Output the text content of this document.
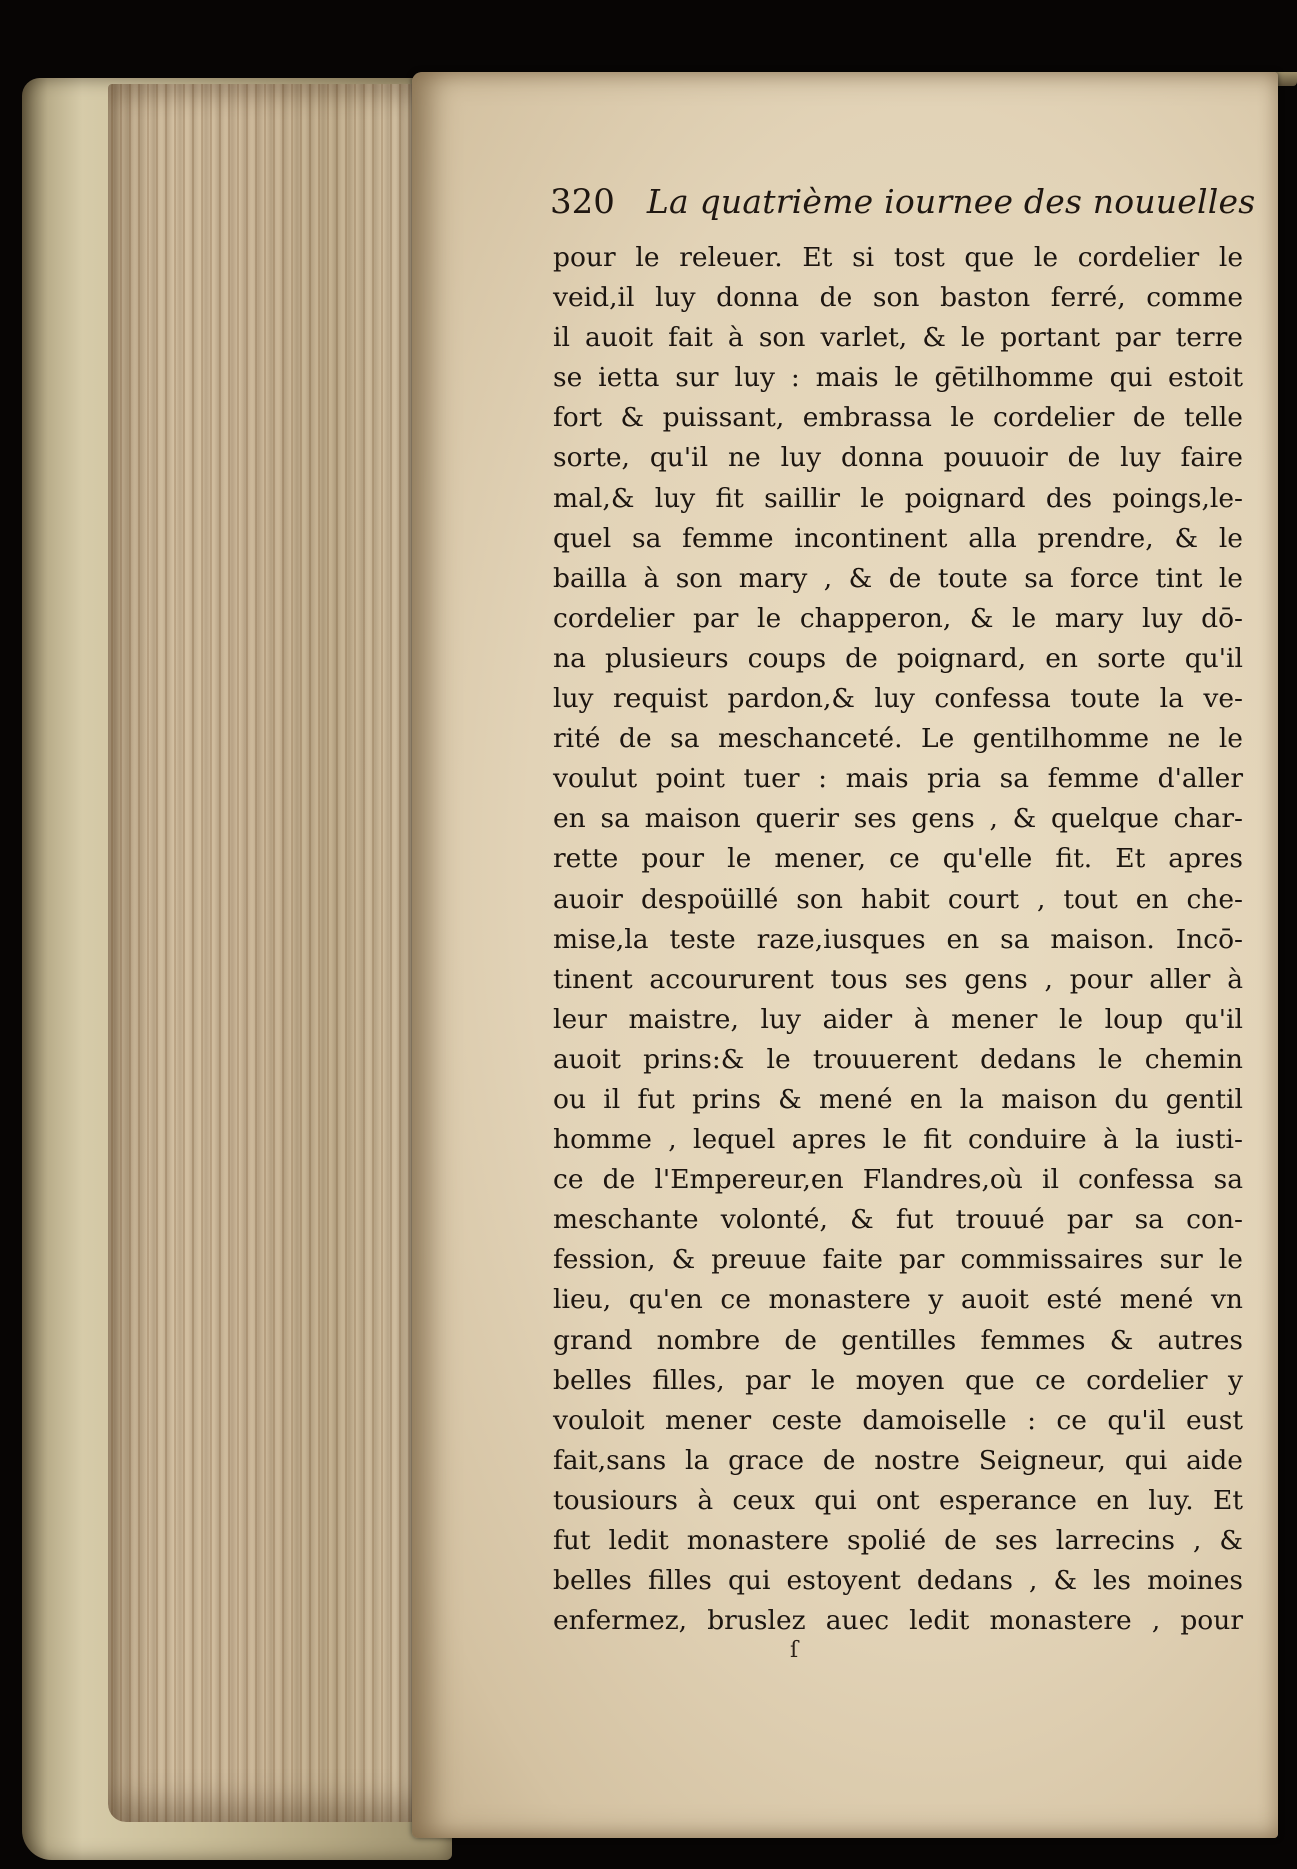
320 La quatrième iournee des nouuelles
pour le releuer. Et si tost que le cordelier le
veid,il luy donna de son baston ferré, comme
il auoit fait à son varlet, & le portant par terre
se ietta sur luy : mais le gētilhomme qui estoit
fort & puissant, embrassa le cordelier de telle
sorte, qu'il ne luy donna pouuoir de luy faire
mal,& luy fit saillir le poignard des poings,le-
quel sa femme incontinent alla prendre, & le
bailla à son mary , & de toute sa force tint le
cordelier par le chapperon, & le mary luy dō-
na plusieurs coups de poignard, en sorte qu'il
luy requist pardon,& luy confessa toute la ve-
rité de sa meschanceté. Le gentilhomme ne le
voulut point tuer : mais pria sa femme d'aller
en sa maison querir ses gens , & quelque char-
rette pour le mener, ce qu'elle fit. Et apres
auoir despoüillé son habit court , tout en che-
mise,la teste raze,iusques en sa maison. Incō-
tinent accoururent tous ses gens , pour aller à
leur maistre, luy aider à mener le loup qu'il
auoit prins:& le trouuerent dedans le chemin
ou il fut prins & mené en la maison du gentil
homme , lequel apres le fit conduire à la iusti-
ce de l'Empereur,en Flandres,où il confessa sa
meschante volonté, & fut trouué par sa con-
fession, & preuue faite par commissaires sur le
lieu, qu'en ce monastere y auoit esté mené vn
grand nombre de gentilles femmes & autres
belles filles, par le moyen que ce cordelier y
vouloit mener ceste damoiselle : ce qu'il eust
fait,sans la grace de nostre Seigneur, qui aide
tousiours à ceux qui ont esperance en luy. Et
fut ledit monastere spolié de ses larrecins , &
belles filles qui estoyent dedans , & les moines
enfermez, bruslez auec ledit monastere , pour
ſ
